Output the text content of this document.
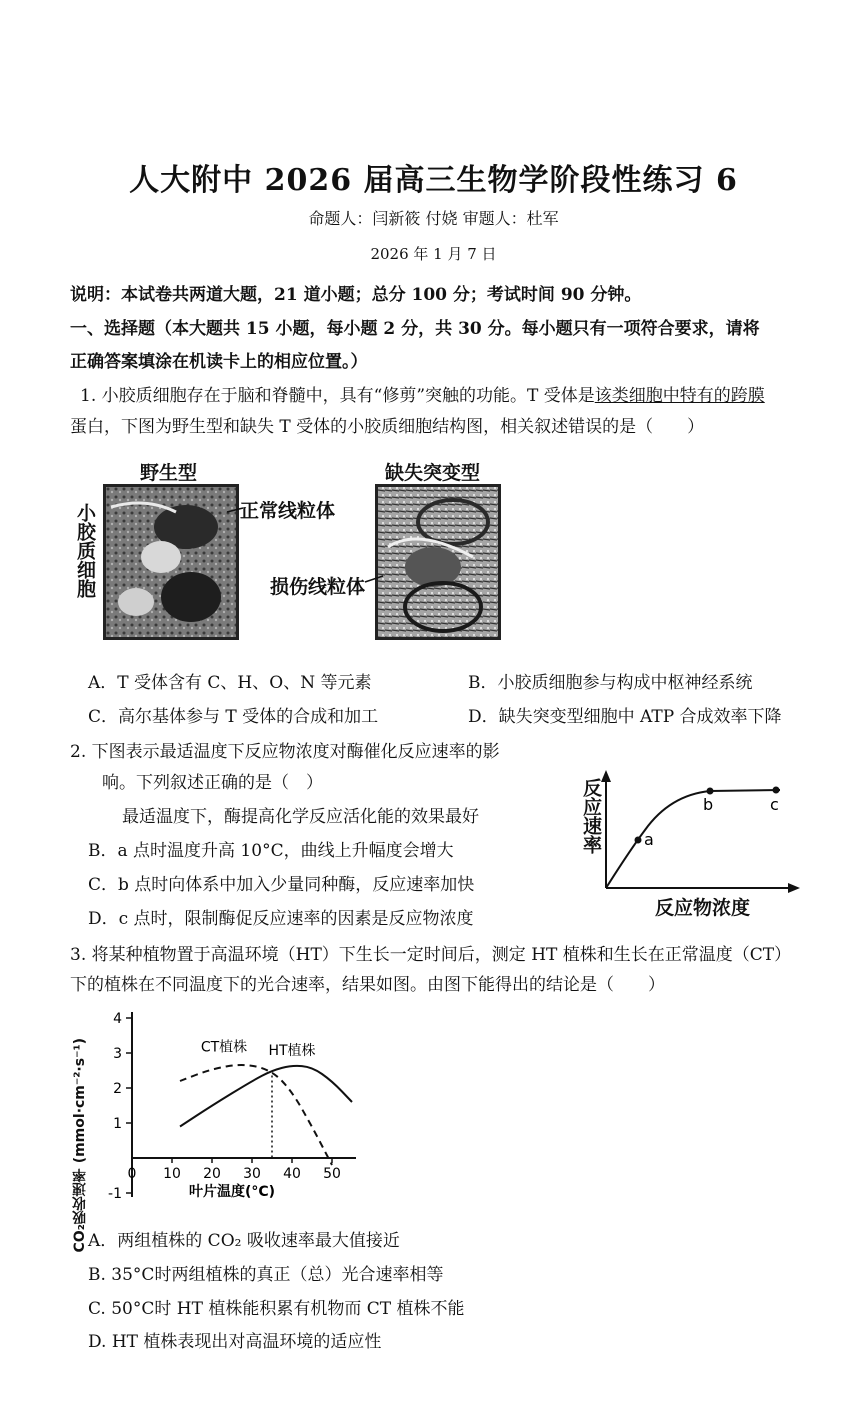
人大附中 2026 届高三生物学阶段性练习 6
命题人：闫新筱 付娆 审题人：杜军
2026 年 1 月 7 日
说明：本试卷共两道大题，21 道小题；总分 100 分；考试时间 90 分钟。
一、选择题（本大题共 15 小题，每小题 2 分，共 30 分。每小题只有一项符合要求，请将
正确答案填涂在机读卡上的相应位置。）
1. 小胶质细胞存在于脑和脊髓中，具有“修剪”突触的功能。T 受体是该类细胞中特有的跨膜
蛋白，下图为野生型和缺失 T 受体的小胶质细胞结构图，相关叙述错误的是（　　）
野生型	缺失突变型
小胶质细胞	正常线粒体
损伤线粒体
A．T 受体含有 C、H、O、N 等元素	B．小胶质细胞参与构成中枢神经系统
C．高尔基体参与 T 受体的合成和加工	D．缺失突变型细胞中 ATP 合成效率下降
2. 下图表示最适温度下反应物浓度对酶催化反应速率的影
响。下列叙述正确的是（　）
最适温度下，酶提高化学反应活化能的效果最好
B．a 点时温度升高 10°C，曲线上升幅度会增大
C．b 点时向体系中加入少量同种酶，反应速率加快
D．c 点时，限制酶促反应速率的因素是反应物浓度
a
b	c
反应速率
反应物浓度
3. 将某种植物置于高温环境（HT）下生长一定时间后，测定 HT 植株和生长在正常温度（CT）
下的植株在不同温度下的光合速率，结果如图。由图下能得出的结论是（　　）
-1
1
2
3
4
0 10 20 30 40 50
叶片温度(°C)
CT植株 HT植株
CO₂吸收速率 (mmol·cm⁻²·s⁻¹) A．两组植株的 CO₂ 吸收速率最大值接近
B. 35°C时两组植株的真正（总）光合速率相等
C. 50°C时 HT 植株能积累有机物而 CT 植株不能
D. HT 植株表现出对高温环境的适应性
